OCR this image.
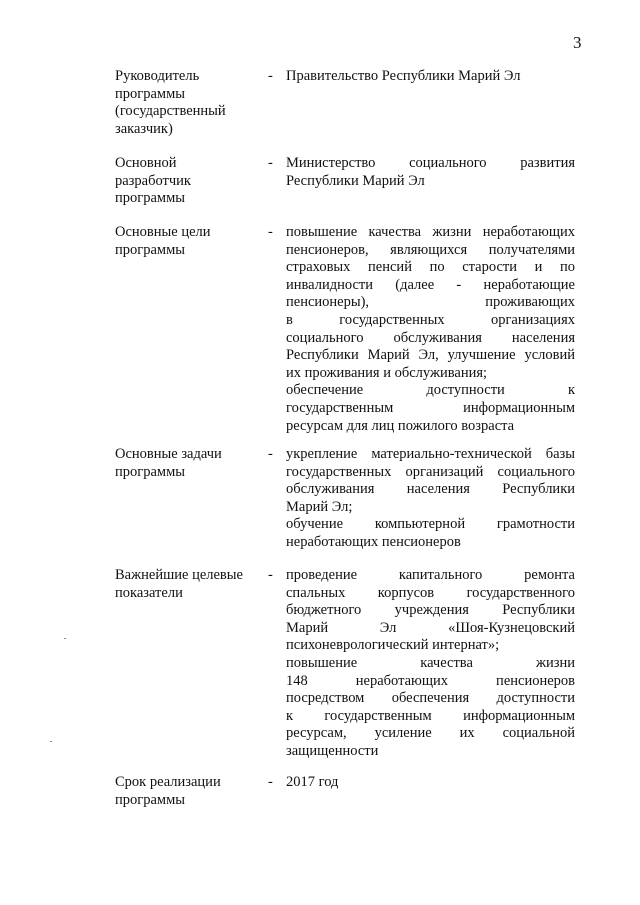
3
Руководитель
программы
(государственный
заказчик)
- Правительство Республики Марий Эл
Основной
разработчик
программы
- Министерство социального развития
Республики Марий Эл
Основные цели
программы
- повышение качества жизни неработающих
пенсионеров, являющихся получателями
страховых пенсий по старости и по
инвалидности (далее - неработающие
пенсионеры), проживающих
в государственных организациях
социального обслуживания населения
Республики Марий Эл, улучшение условий
их проживания и обслуживания;
обеспечение доступности к
государственным информационным
ресурсам для лиц пожилого возраста
Основные задачи
программы
- укрепление материально-технической базы
государственных организаций социального
обслуживания населения Республики
Марий Эл;
обучение компьютерной грамотности
неработающих пенсионеров
Важнейшие целевые
показатели
- проведение капитального ремонта
спальных корпусов государственного
бюджетного учреждения Республики
Марий Эл «Шоя-Кузнецовский
психоневрологический интернат»;
повышение качества жизни
148 неработающих пенсионеров
посредством обеспечения доступности
к государственным информационным
ресурсам, усиление их социальной
защищенности
Срок реализации
программы
- 2017 год
